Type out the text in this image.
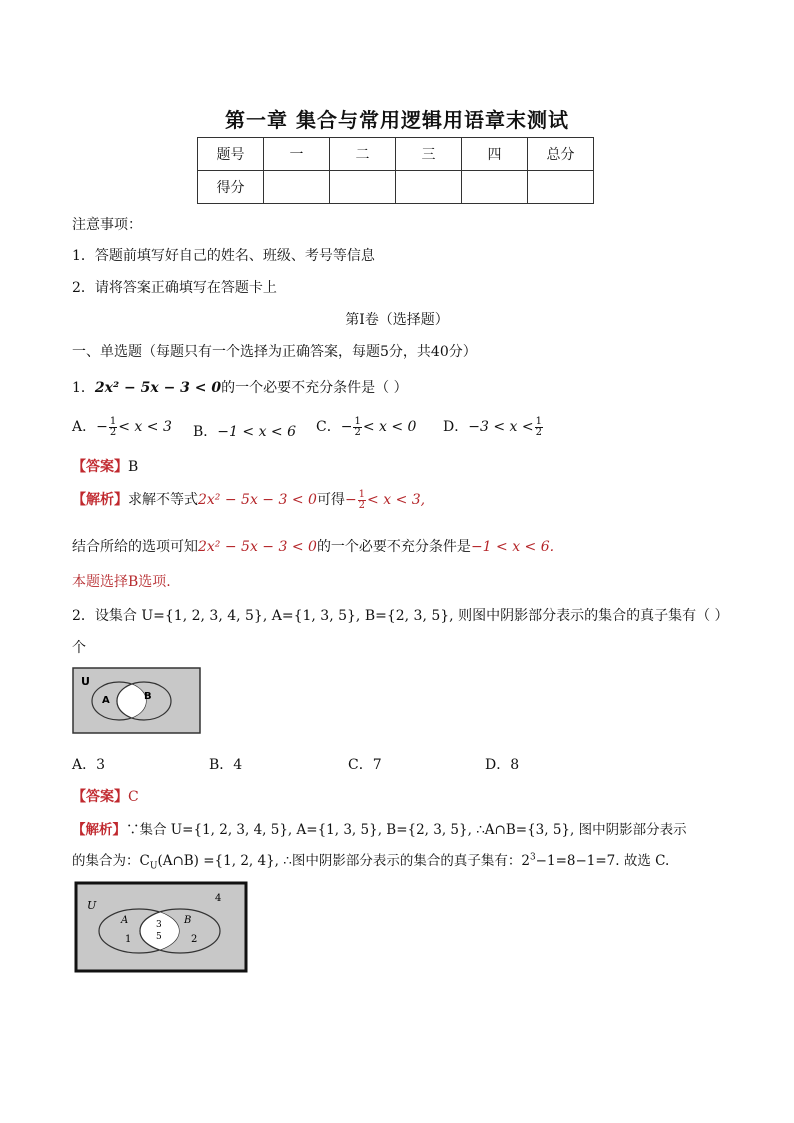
第一章 集合与常用逻辑用语章末测试
题号	一	二	三	四	总分
得分					
注意事项：
1．答题前填写好自己的姓名、班级、考号等信息
2．请将答案正确填写在答题卡上
第I卷（选择题）
一、单选题（每题只有一个选择为正确答案，每题5分，共40分）
1．2x² − 5x − 3 < 0的一个必要不充分条件是（ ）
A．− $\frac{1}{2} < x < 3$ B．−1 < x < 6 C．− $\frac{1}{2} < x < 0$ D．$-3 < x < \frac{1}{2}$
【答案】B
【解析】求解不等式2x² − 5x − 3 < 0可得− $\frac{1}{2} < x < 3$,
结合所给的选项可知2x² − 5x − 3 < 0的一个必要不充分条件是−1 < x < 6.
本题选择B选项.
2．设集合 U={1, 2, 3, 4, 5}, A={1, 3, 5}, B={2, 3, 5}, 则图中阴影部分表示的集合的真子集有（ ）
个
U
A	B
A．3	B．4	C．7	D．8
【答案】C
【解析】∵集合 U={1, 2, 3, 4, 5}, A={1, 3, 5}, B={2, 3, 5}, ∴A∩B={3, 5}, 图中阴影部分表示
的集合为：$C_U(A\cap B) =\{1$, 2, 4}, ∴图中阴影部分表示的集合的真子集有：$2^3-1=8-1=7$. 故选 C.
U
4
A
1
3
5
B
2
